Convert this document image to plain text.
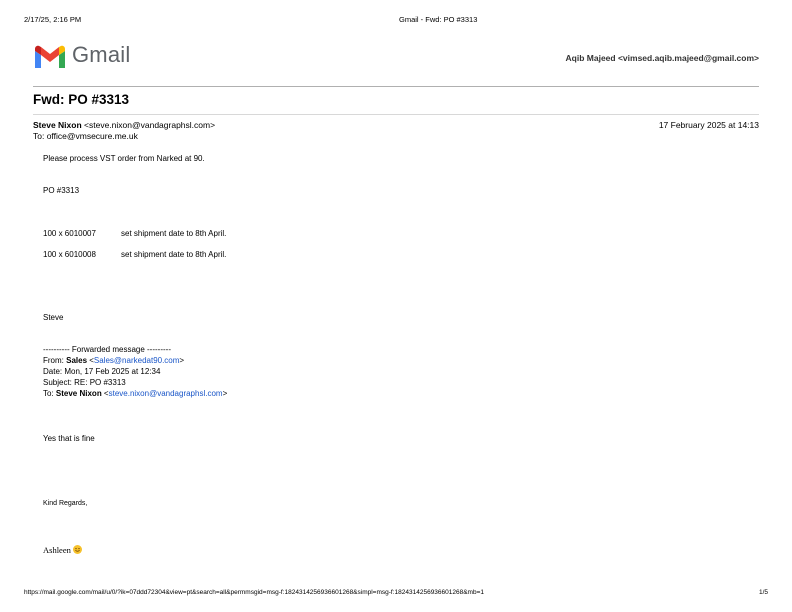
2/17/25, 2:16 PM	Gmail - Fwd: PO #3313
Gmail	Aqib Majeed <vimsed.aqib.majeed@gmail.com>
Fwd: PO #3313
Steve Nixon <steve.nixon@vandagraphsl.com>	17 February 2025 at 14:13
To: office@vmsecure.me.uk
Please process VST order from Narked at 90.
PO #3313
100 x 6010007	set shipment date to 8th April.
100 x 6010008	set shipment date to 8th April.
Steve
---------- Forwarded message ---------
From: Sales <Sales@narkedat90.com>
Date: Mon, 17 Feb 2025 at 12:34
Subject: RE: PO #3313
To: Steve Nixon <steve.nixon@vandagraphsl.com>
Yes that is fine
Kind Regards,
Ashleen
https://mail.google.com/mail/u/0/?ik=07ddd72304&view=pt&search=all&permmsgid=msg-f:1824314256936601268&simpl=msg-f:1824314256936601268&mb=1	1/5
